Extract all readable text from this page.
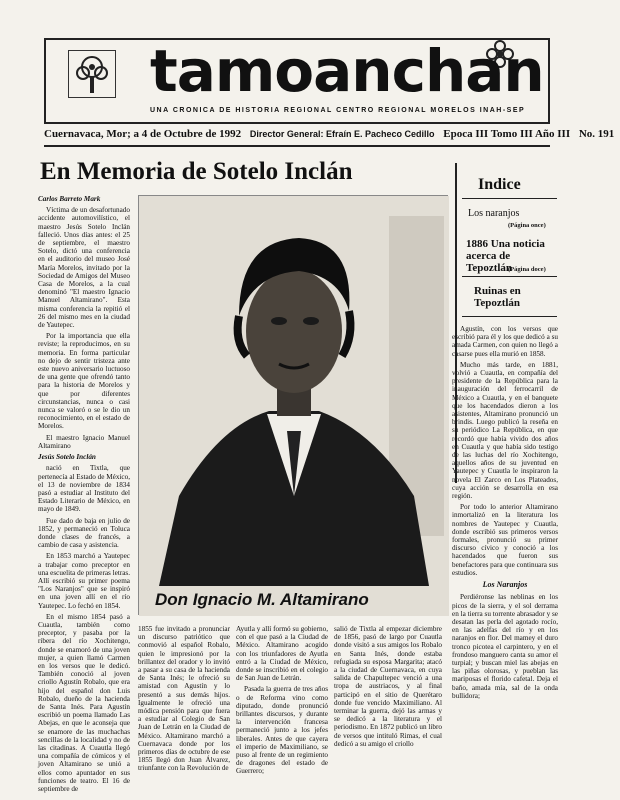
tamoanchan
UNA CRONICA DE HISTORIA REGIONAL CENTRO REGIONAL MORELOS INAH-SEP
Cuernavaca, Mor; a 4 de Octubre de 1992 Director General: Efraín E. Pacheco Cedillo Epoca III Tomo III Año III No. 191
En Memoria de Sotelo Inclán	Indice
Los naranjos
(Página once)
1886 Una noticia acerca de Tepoztlán
(Página doce)
Ruinas en Tepoztlán

Carlos Barreto Mark

Víctima de un desafortunado accidente automovilístico, el maestro Jesús Sotelo Inclán falleció. Unos días antes: el 25 de septiembre, el maestro Sotelo, dictó una conferencia en el auditorio del museo José María Morelos, invitado por la Sociedad de Amigos del Museo Casa de Morelos, a la cual denominó "El maestro Ignacio Manuel Altamirano". Esta misma conferencia la repitió el 26 del mismo mes en la ciudad de Yautepec.

Por la importancia que ella reviste; la reproducimos, en su memoria. En forma particular no dejo de sentir tristeza ante este nuevo aniversario luctuoso de una gente que ofrendó tanto para la historia de Morelos y que por diferentes circunstancias, nunca o casi nunca se valoró o se le dio un reconocimiento, en el estado de Morelos.

El maestro Ignacio Manuel Altamirano

Jesús Sotelo Inclán

nació en Tixtla, que pertenecía al Estado de México, el 13 de noviembre de 1834 pasó a estudiar al Instituto del Estado Literario de México, en mayo de 1849.

Fue dado de baja en julio de 1852, y permaneció en Toluca donde clases de francés, a cambio de casa y asistencia.

En 1853 marchó a Yautepec a trabajar como preceptor en una escuelita de primeras letras. Allí escribió su primer poema "Los Naranjos" que se inspiró en una joven allí en el río Yautepec. Lo fechó en 1854.

En el mismo 1854 pasó a Cuautla, también como preceptor, y pasaba por la ribera del río Xochitengo, donde se enamoró de una joven mujer, a quien llamó Carmen en los versos que le dedicó. También conoció al joven criollo Agustín Robalo, que era hijo del español don Luis Robalo, dueño de la hacienda de Santa Inés. Para Agustín escribió un poema llamado Las Abejas, en que le aconseja que se enamore de las muchachas sencillas de la localidad y no de las citadinas. A Cuautla llegó una compañía de cómicos y el joven Altamirano se unió a ellos como apuntador en sus funciones de teatro. El 16 de septiembre de

Don Ignacio M. Altamirano

1855 fue invitado a pronunciar un discurso patriótico que conmovió al español Robalo, quien le impresionó por la brillantez del orador y lo invitó a pasar a su casa de la hacienda de Santa Inés; le ofreció su amistad con Agustín y lo presentó a sus demás hijos. Igualmente le ofreció una módica pensión para que fuera a estudiar al Colegio de San Juan de Letrán en la Ciudad de México. Altamirano marchó a Cuernavaca donde por los primeros días de octubre de ese 1855 llegó don Juan Álvarez, triunfante con la Revolución de

Ayutla y allí formó su gobierno, con el que pasó a la Ciudad de México. Altamirano acogido con los triunfadores de Ayutla entró a la Ciudad de México, donde se inscribió en el colegio de San Juan de Letrán.

Pasada la guerra de tres años o de Reforma vino como diputado, donde pronunció brillantes discursos, y durante la intervención francesa permaneció junto a los jefes liberales. Antes de que cayera el imperio de Maximiliano, se puso al frente de un regimiento de dragones del estado de Guerrero;

salió de Tixtla al empezar diciembre de 1856, pasó de largo por Cuautla donde visitó a sus amigos los Robalo en Santa Inés, donde estaba refugiada su esposa Margarita; atacó a la ciudad de Cuernavaca, en cuya salida de Chapultepec venció a una tropa de austriacos, y al final participó en el sitio de Querétaro donde fue vencido Maximiliano. Al terminar la guerra, dejó las armas y se dedicó a la literatura y el periodismo. En 1872 publicó un libro de versos que intituló Rimas, el cual dedicó a su amigo el criollo

Agustín, con los versos que escribió para él y los que dedicó a su amada Carmen, con quien no llegó a casarse pues ella murió en 1858.

Mucho más tarde, en 1881, volvió a Cuautla, en compañía del presidente de la República para la inauguración del ferrocarril de México a Cuautla, y en el banquete que los hacendados dieron a los asistentes, Altamirano pronunció un brindis. Luego publicó la reseña en su periódico La República, en que recordó que había vivido dos años en Cuautla y que había sido testigo de las luchas del río Xochitengo, aquellos años de su juventud en Yautepec y Cuautla le inspiraron la novela El Zarco en Los Plateados, cuya acción se desarrolla en esa región.

Por todo lo anterior Altamirano inmortalizó en la literatura los nombres de Yautepec y Cuautla, donde escribió sus primeros versos formales, pronunció su primer discurso cívico y conoció a los hacendados que fueron sus benefactores para que continuara sus estudios.

Los Naranjos

Perdiéronse las neblinas en los picos de la sierra, y el sol derrama en la tierra su torrente abrasador y se desatan las perla del agotado rocío, en las adelfas del río y en los naranjos en flor. Del mamey el duro tronco picotea el carpintero, y en el frondoso manguero canta su amor el turpial; y buscan miel las abejas en las piñas olorosas, y pueblan las mariposas el florido cafetal. Deja el baño, amada mía, sal de la onda bullidora;
